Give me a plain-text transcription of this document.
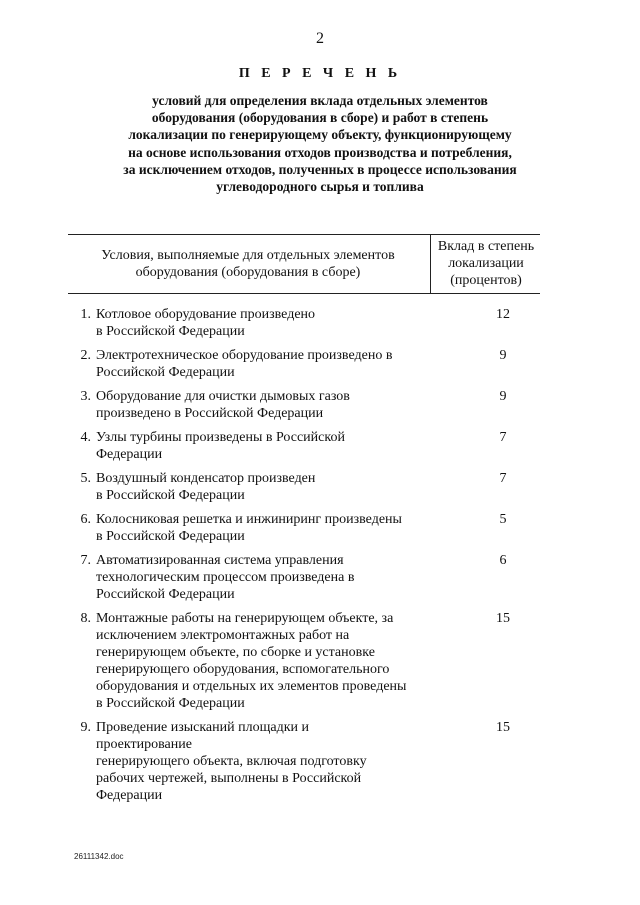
2
П Е Р Е Ч Е Н Ь
условий для определения вклада отдельных элементов
оборудования (оборудования в сборе) и работ в степень
локализации по генерирующему объекту, функционирующему
на основе использования отходов производства и потребления,
за исключением отходов, полученных в процессе использования
углеводородного сырья и топлива
Условия, выполняемые для отдельных элементов
оборудования (оборудования в сборе)
Вклад в степень
локализации
(процентов)
1. Котловое оборудование произведено
в Российской Федерации
12
2. Электротехническое оборудование произведено в
Российской Федерации
9
3. Оборудование для очистки дымовых газов
произведено в Российской Федерации
9
4. Узлы турбины произведены в Российской
Федерации
7
5. Воздушный конденсатор произведен
в Российской Федерации
7
6. Колосниковая решетка и инжиниринг произведены
в Российской Федерации
5
7. Автоматизированная система управления
технологическим процессом произведена в
Российской Федерации
6
8. Монтажные работы на генерирующем объекте, за
исключением электромонтажных работ на
генерирующем объекте, по сборке и установке
генерирующего оборудования, вспомогательного
оборудования и отдельных их элементов проведены
в Российской Федерации
15
9. Проведение изысканий площадки и проектирование
генерирующего объекта, включая подготовку
рабочих чертежей, выполнены в Российской
Федерации
15
26111342.doc
